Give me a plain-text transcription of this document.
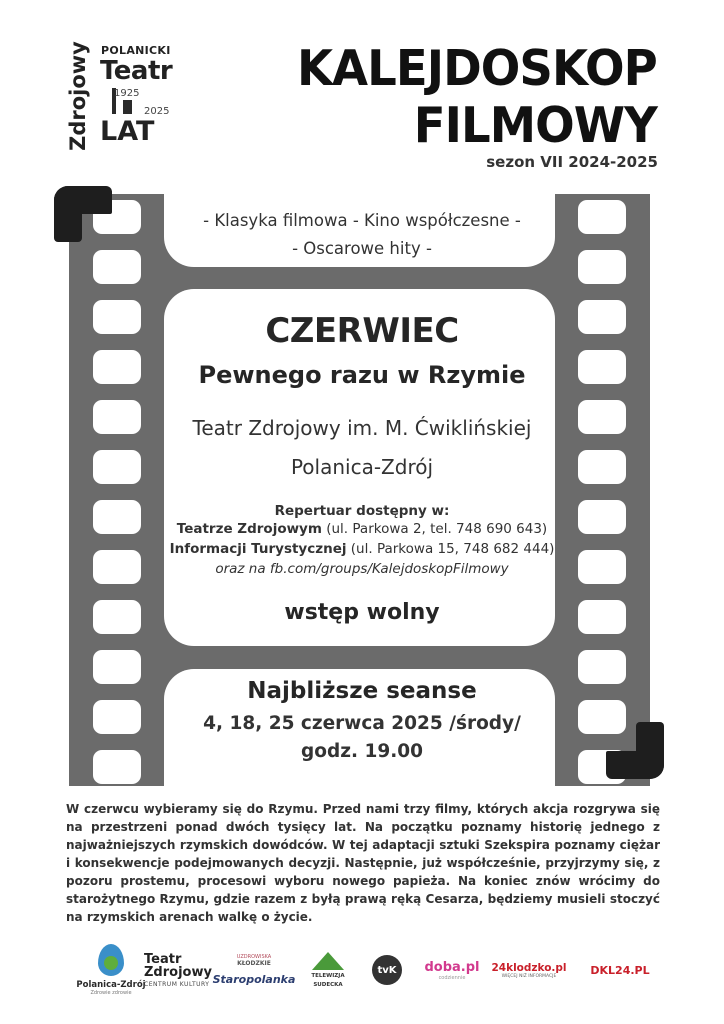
POLANICKI
Zdrojowy Teatr
1925
2025
LAT
KALEJDOSKOP
FILMOWY
sezon VII 2024-2025
- Klasyka filmowa - Kino współczesne -
- Oscarowe hity -
CZERWIEC
Pewnego razu w Rzymie
Teatr Zdrojowy im. M. Ćwiklińskiej
Polanica-Zdrój
Repertuar dostępny w:
Teatrze Zdrojowym (ul. Parkowa 2, tel. 748 690 643)
Informacji Turystycznej (ul. Parkowa 15, 748 682 444)
oraz na fb.com/groups/KalejdoskopFilmowy
wstęp wolny
Najbliższe seanse
4, 18, 25 czerwca 2025 /środy/
godz. 19.00
W czerwcu wybieramy się do Rzymu. Przed nami trzy filmy, których akcja rozgrywa się na przestrzeni ponad dwóch tysięcy lat. Na początku poznamy historię jednego z najważniejszych rzymskich dowódców. W tej adaptacji sztuki Szekspira poznamy ciężar i konsekwencje podejmowanych decyzji. Następnie, już współcześnie, przyjrzymy się, z pozoru prostemu, procesowi wyboru nowego papieża. Na koniec znów wrócimy do starożytnego Rzymu, gdzie razem z byłą prawą ręką Cesarza, będziemy musieli stoczyć na rzymskich arenach walkę o życie.
Polanica-Zdrój
Zdrowie zdrowie
Teatr
Zdrojowy
CENTRUM KULTURY
UZDROWISKA
KŁODZKIE
Staropolanka	TELEWIZJA
SUDECKA
tvK	doba.pl
codziennie
24klodzko.pl
WIĘCEJ NIŻ INFORMACJE	DKL24.PL
